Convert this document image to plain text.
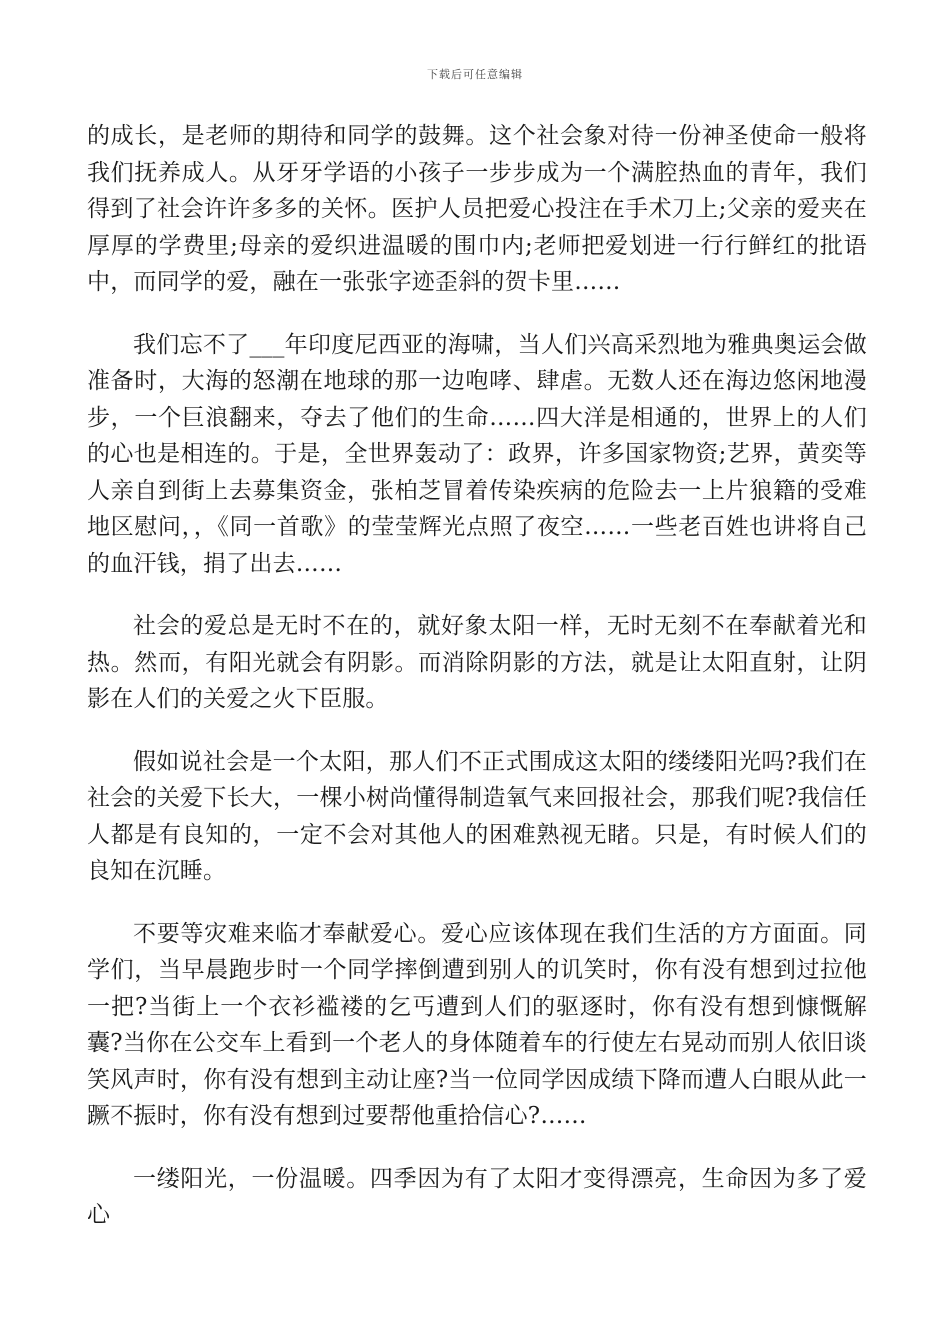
下载后可任意编辑

的成长，是老师的期待和同学的鼓舞。这个社会象对待一份神圣使命一般将我们抚养成人。从牙牙学语的小孩子一步步成为一个满腔热血的青年，我们得到了社会许许多多的关怀。医护人员把爱心投注在手术刀上;父亲的爱夹在厚厚的学费里;母亲的爱织进温暖的围巾内;老师把爱划进一行行鲜红的批语中，而同学的爱，融在一张张字迹歪斜的贺卡里……

我们忘不了___年印度尼西亚的海啸，当人们兴高采烈地为雅典奥运会做准备时，大海的怒潮在地球的那一边咆哮、肆虐。无数人还在海边悠闲地漫步，一个巨浪翻来，夺去了他们的生命……四大洋是相通的，世界上的人们的心也是相连的。于是，全世界轰动了：政界，许多国家物资;艺界，黄奕等人亲自到街上去募集资金，张柏芝冒着传染疾病的危险去一上片狼籍的受难地区慰问，，《同一首歌》的莹莹辉光点照了夜空……一些老百姓也讲将自己的血汗钱，捐了出去……

社会的爱总是无时不在的，就好象太阳一样，无时无刻不在奉献着光和热。然而，有阳光就会有阴影。而消除阴影的方法，就是让太阳直射，让阴影在人们的关爱之火下臣服。

假如说社会是一个太阳，那人们不正式围成这太阳的缕缕阳光吗?我们在社会的关爱下长大，一棵小树尚懂得制造氧气来回报社会，那我们呢?我信任人都是有良知的，一定不会对其他人的困难熟视无睹。只是，有时候人们的良知在沉睡。

不要等灾难来临才奉献爱心。爱心应该体现在我们生活的方方面面。同学们，当早晨跑步时一个同学摔倒遭到别人的讥笑时，你有没有想到过拉他一把?当街上一个衣衫褴褛的乞丐遭到人们的驱逐时，你有没有想到慷慨解囊?当你在公交车上看到一个老人的身体随着车的行使左右晃动而别人依旧谈笑风声时，你有没有想到主动让座?当一位同学因成绩下降而遭人白眼从此一蹶不振时，你有没有想到过要帮他重拾信心?……

一缕阳光，一份温暖。四季因为有了太阳才变得漂亮，生命因为多了爱心
